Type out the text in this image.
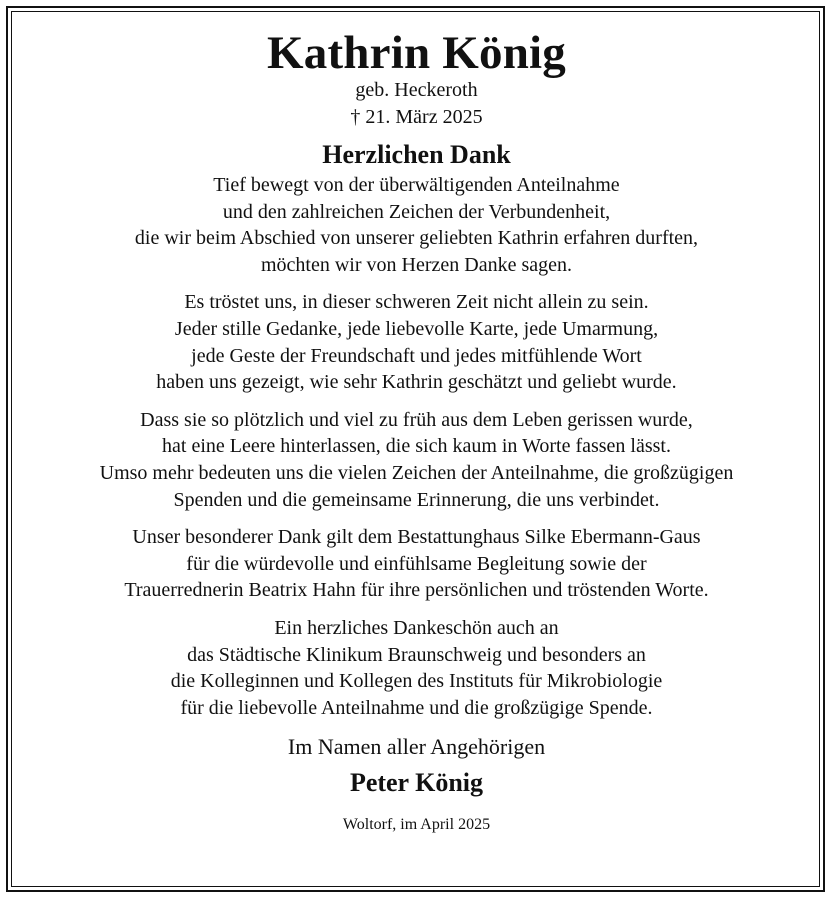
Kathrin König
geb. Heckeroth
† 21. März 2025
Herzlichen Dank

Tief bewegt von der überwältigenden Anteilnahme
und den zahlreichen Zeichen der Verbundenheit,
die wir beim Abschied von unserer geliebten Kathrin erfahren durften,
möchten wir von Herzen Danke sagen.

Es tröstet uns, in dieser schweren Zeit nicht allein zu sein.
Jeder stille Gedanke, jede liebevolle Karte, jede Umarmung,
jede Geste der Freundschaft und jedes mitfühlende Wort
haben uns gezeigt, wie sehr Kathrin geschätzt und geliebt wurde.

Dass sie so plötzlich und viel zu früh aus dem Leben gerissen wurde,
hat eine Leere hinterlassen, die sich kaum in Worte fassen lässt.
Umso mehr bedeuten uns die vielen Zeichen der Anteilnahme, die großzügigen
Spenden und die gemeinsame Erinnerung, die uns verbindet.

Unser besonderer Dank gilt dem Bestattunghaus Silke Ebermann-Gaus
für die würdevolle und einfühlsame Begleitung sowie der
Trauerrednerin Beatrix Hahn für ihre persönlichen und tröstenden Worte.

Ein herzliches Dankeschön auch an
das Städtische Klinikum Braunschweig und besonders an
die Kolleginnen und Kollegen des Instituts für Mikrobiologie
für die liebevolle Anteilnahme und die großzügige Spende.

Im Namen aller Angehörigen
Peter König
Woltorf, im April 2025
